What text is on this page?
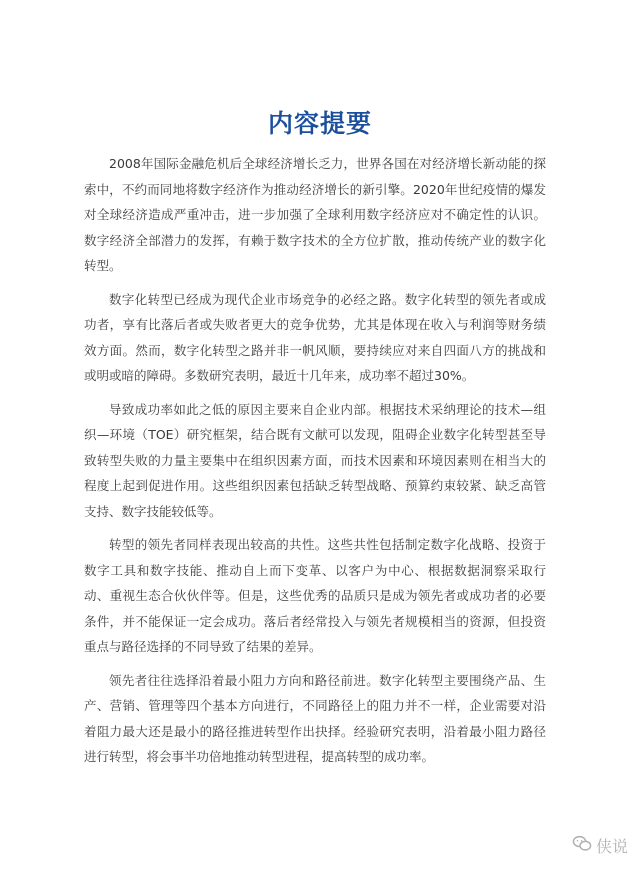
内容提要

2008年国际金融危机后全球经济增长乏力，世界各国在对经济增长新动能的探索中，不约而同地将数字经济作为推动经济增长的新引擎。2020年世纪疫情的爆发对全球经济造成严重冲击，进一步加强了全球利用数字经济应对不确定性的认识。数字经济全部潜力的发挥，有赖于数字技术的全方位扩散，推动传统产业的数字化转型。

数字化转型已经成为现代企业市场竞争的必经之路。数字化转型的领先者或成功者，享有比落后者或失败者更大的竞争优势，尤其是体现在收入与利润等财务绩效方面。然而，数字化转型之路并非一帆风顺，要持续应对来自四面八方的挑战和或明或暗的障碍。多数研究表明，最近十几年来，成功率不超过30%。

导致成功率如此之低的原因主要来自企业内部。根据技术采纳理论的技术—组织—环境（TOE）研究框架，结合既有文献可以发现，阻碍企业数字化转型甚至导致转型失败的力量主要集中在组织因素方面，而技术因素和环境因素则在相当大的程度上起到促进作用。这些组织因素包括缺乏转型战略、预算约束较紧、缺乏高管支持、数字技能较低等。

转型的领先者同样表现出较高的共性。这些共性包括制定数字化战略、投资于数字工具和数字技能、推动自上而下变革、以客户为中心、根据数据洞察采取行动、重视生态合伙伙伴等。但是，这些优秀的品质只是成为领先者或成功者的必要条件，并不能保证一定会成功。落后者经常投入与领先者规模相当的资源，但投资重点与路径选择的不同导致了结果的差异。

领先者往往选择沿着最小阻力方向和路径前进。数字化转型主要围绕产品、生产、营销、管理等四个基本方向进行，不同路径上的阻力并不一样，企业需要对沿着阻力最大还是最小的路径推进转型作出抉择。经验研究表明，沿着最小阻力路径进行转型，将会事半功倍地推动转型进程，提高转型的成功率。

侠说
